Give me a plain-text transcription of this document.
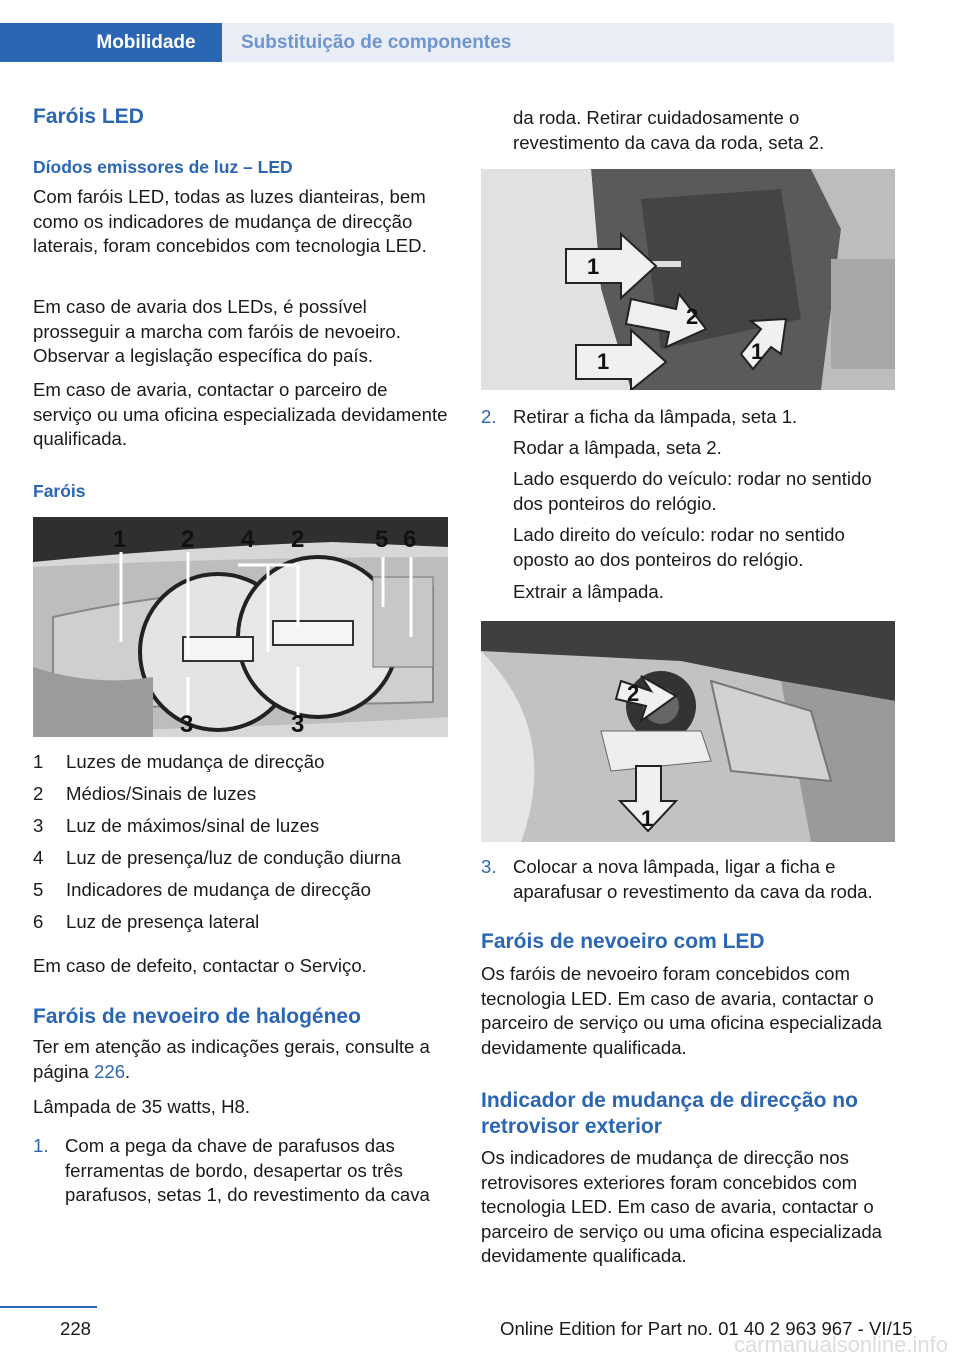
Mobilidade	Substituição de componentes
Faróis LED
Díodos emissores de luz – LED

Com faróis LED, todas as luzes dianteiras, bem como os indicadores de mudança de direcção laterais, foram concebidos com tecnologia LED.

Em caso de avaria dos LEDs, é possível prosseguir a marcha com faróis de nevoeiro. Observar a legislação específica do país.

Em caso de avaria, contactar o parceiro de serviço ou uma oficina especializada devidamente qualificada.

Faróis
1 2 4 2	5 6
3	3
1	Luzes de mudança de direcção
2	Médios/Sinais de luzes
3	Luz de máximos/sinal de luzes
4	Luz de presença/luz de condução diurna
5	Indicadores de mudança de direcção
6	Luz de presença lateral

Em caso de defeito, contactar o Serviço.

Faróis de nevoeiro de halogéneo

Ter em atenção as indicações gerais, consulte a página 226.

Lâmpada de 35 watts, H8.

1. Com a pega da chave de parafusos das ferramentas de bordo, desapertar os três parafusos, setas 1, do revestimento da cava

da roda. Retirar cuidadosamente o revestimento da cava da roda, seta 2.

1
2
1	1
2. Retirar a ficha da lâmpada, seta 1.

Rodar a lâmpada, seta 2.

Lado esquerdo do veículo: rodar no sentido dos ponteiros do relógio.

Lado direito do veículo: rodar no sentido oposto ao dos ponteiros do relógio.

Extrair a lâmpada.

2
1
3. Colocar a nova lâmpada, ligar a ficha e aparafusar o revestimento da cava da roda.
Faróis de nevoeiro com LED

Os faróis de nevoeiro foram concebidos com tecnologia LED. Em caso de avaria, contactar o parceiro de serviço ou uma oficina especializada devidamente qualificada.

Indicador de mudança de direcção no retrovisor exterior

Os indicadores de mudança de direcção nos retrovisores exteriores foram concebidos com tecnologia LED. Em caso de avaria, contactar o parceiro de serviço ou uma oficina especializada devidamente qualificada.

228	Online Edition for Part no. 01 40 2 963 967 - VI/15
carmanualsonline.info
